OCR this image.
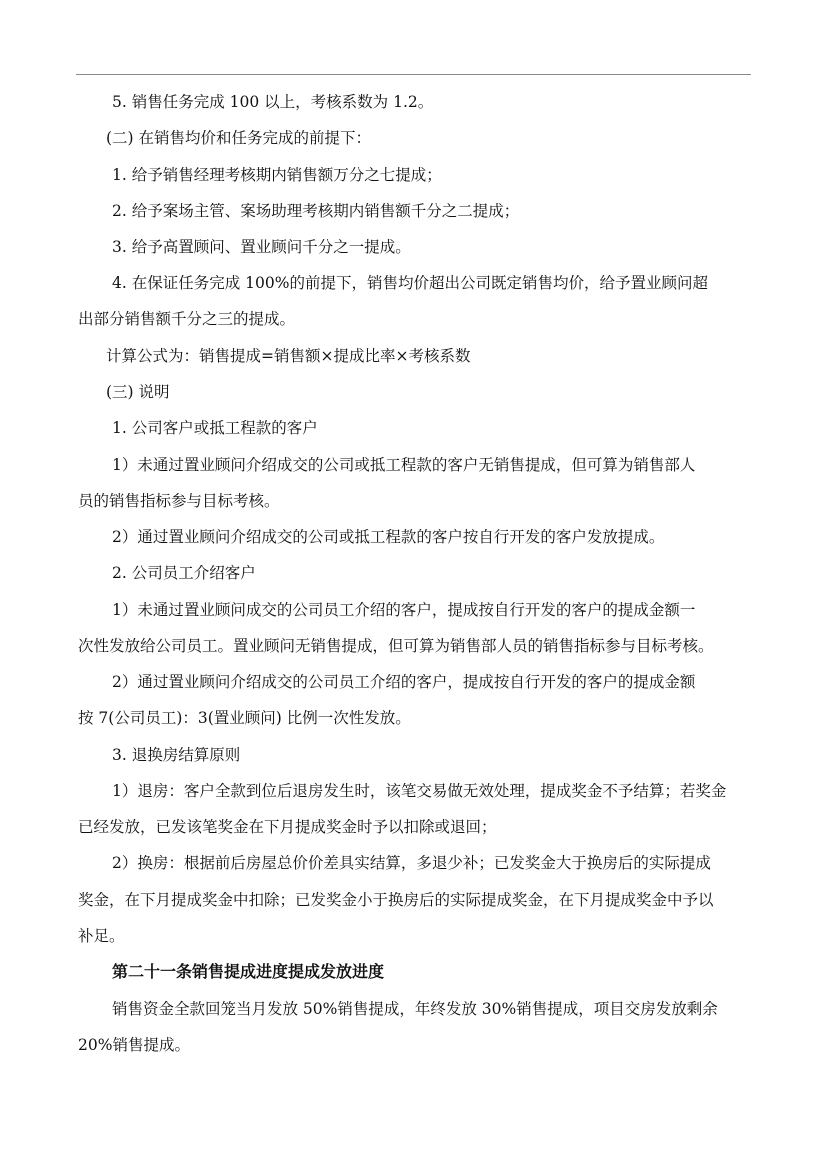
5. 销售任务完成 100 以上，考核系数为 1.2。
(二) 在销售均价和任务完成的前提下：
1. 给予销售经理考核期内销售额万分之七提成；
2. 给予案场主管、案场助理考核期内销售额千分之二提成；
3. 给予高置顾问、置业顾问千分之一提成。
4. 在保证任务完成 100%的前提下，销售均价超出公司既定销售均价，给予置业顾问超
出部分销售额千分之三的提成。
计算公式为：销售提成=销售额×提成比率×考核系数
(三) 说明
1. 公司客户或抵工程款的客户
1）未通过置业顾问介绍成交的公司或抵工程款的客户无销售提成，但可算为销售部人
员的销售指标参与目标考核。
2）通过置业顾问介绍成交的公司或抵工程款的客户按自行开发的客户发放提成。
2. 公司员工介绍客户
1）未通过置业顾问成交的公司员工介绍的客户，提成按自行开发的客户的提成金额一
次性发放给公司员工。置业顾问无销售提成，但可算为销售部人员的销售指标参与目标考核。
2）通过置业顾问介绍成交的公司员工介绍的客户，提成按自行开发的客户的提成金额
按 7(公司员工)：3(置业顾问) 比例一次性发放。
3. 退换房结算原则
1）退房：客户全款到位后退房发生时，该笔交易做无效处理，提成奖金不予结算；若奖金
已经发放，已发该笔奖金在下月提成奖金时予以扣除或退回；
2）换房：根据前后房屋总价价差具实结算，多退少补；已发奖金大于换房后的实际提成
奖金，在下月提成奖金中扣除；已发奖金小于换房后的实际提成奖金，在下月提成奖金中予以
补足。
第二十一条销售提成进度提成发放进度
销售资金全款回笼当月发放 50%销售提成，年终发放 30%销售提成，项目交房发放剩余
20%销售提成。
